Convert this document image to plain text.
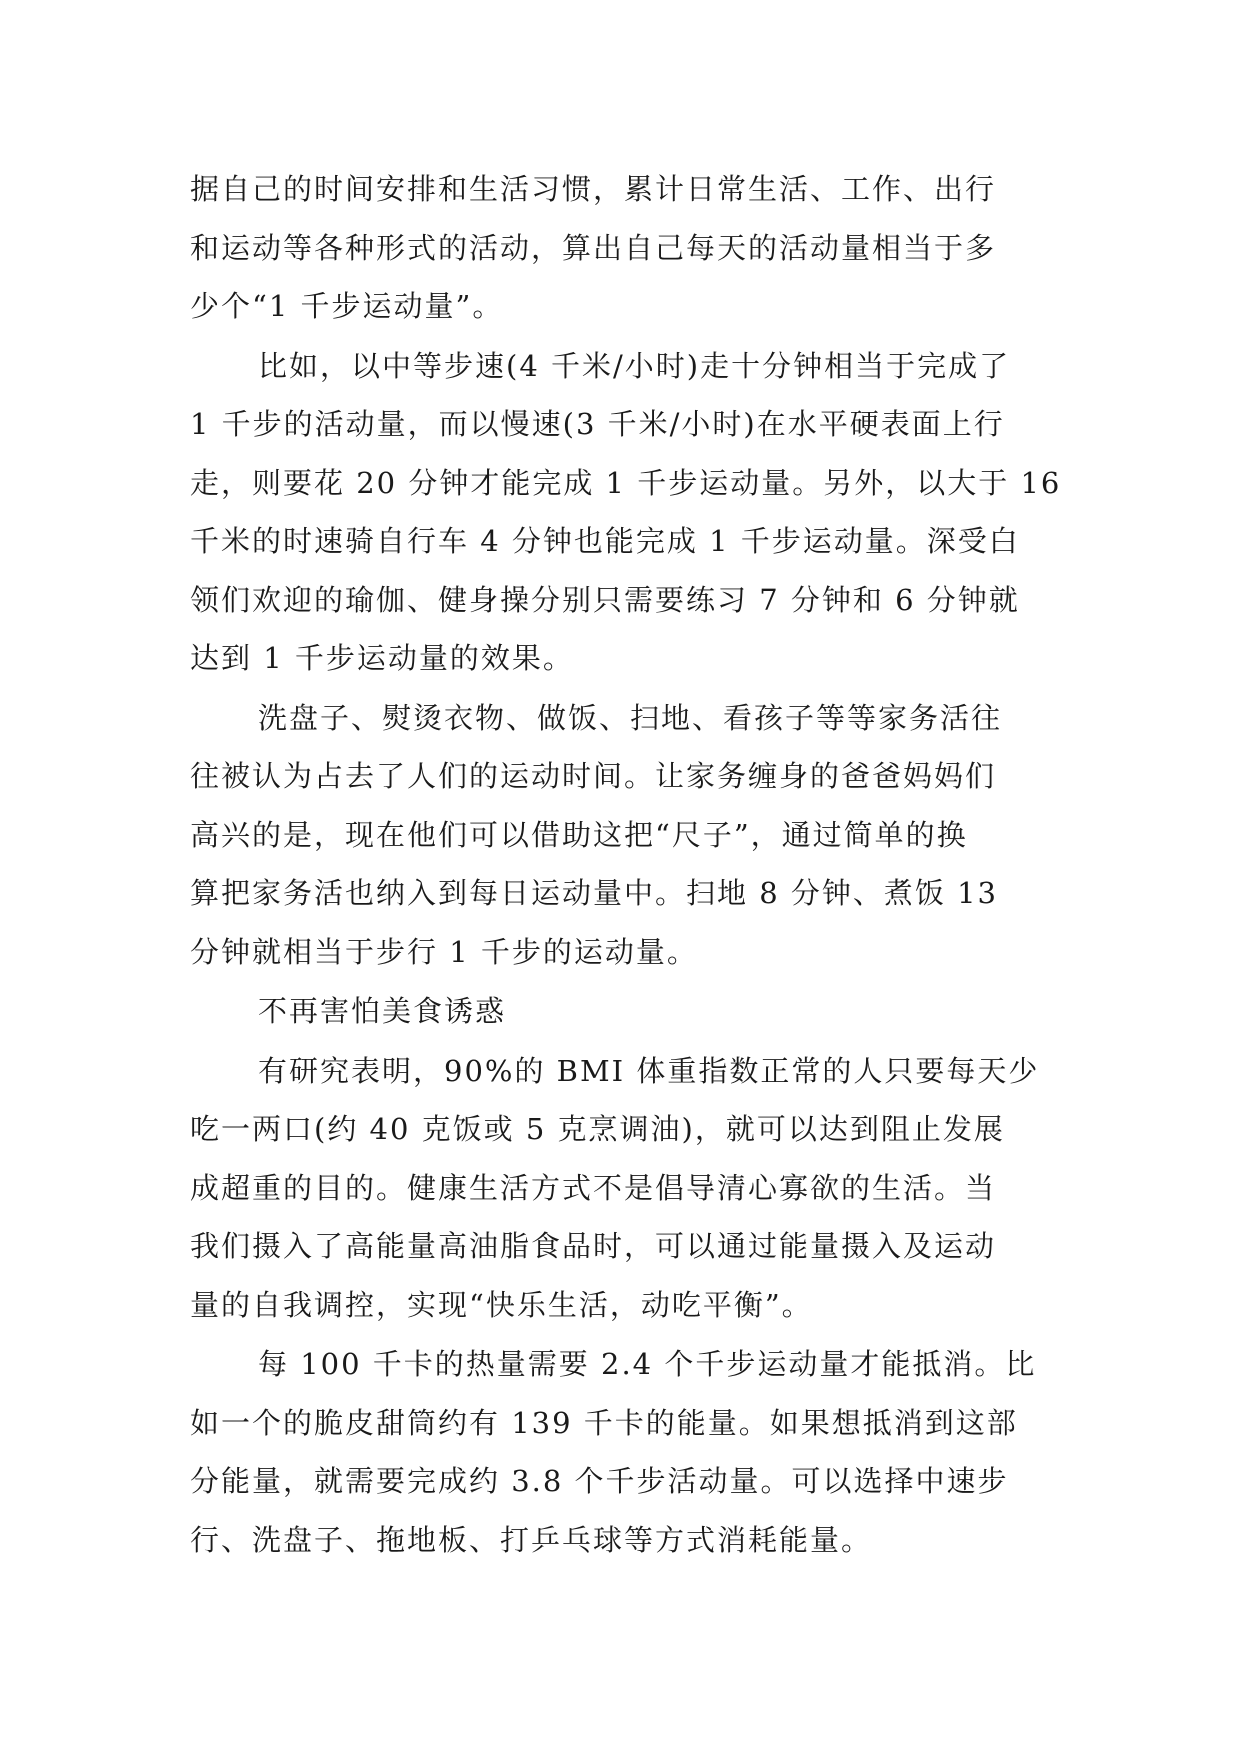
据自己的时间安排和生活习惯，累计日常生活、工作、出行
和运动等各种形式的活动，算出自己每天的活动量相当于多
少个“1 千步运动量”。
比如，以中等步速(4 千米/小时)走十分钟相当于完成了
1 千步的活动量，而以慢速(3 千米/小时)在水平硬表面上行
走，则要花 20 分钟才能完成 1 千步运动量。另外，以大于 16
千米的时速骑自行车 4 分钟也能完成 1 千步运动量。深受白
领们欢迎的瑜伽、健身操分别只需要练习 7 分钟和 6 分钟就
达到 1 千步运动量的效果。
洗盘子、熨烫衣物、做饭、扫地、看孩子等等家务活往
往被认为占去了人们的运动时间。让家务缠身的爸爸妈妈们
高兴的是，现在他们可以借助这把“尺子”，通过简单的换
算把家务活也纳入到每日运动量中。扫地 8 分钟、煮饭 13
分钟就相当于步行 1 千步的运动量。
不再害怕美食诱惑
有研究表明，90%的 BMI 体重指数正常的人只要每天少
吃一两口(约 40 克饭或 5 克烹调油)，就可以达到阻止发展
成超重的目的。健康生活方式不是倡导清心寡欲的生活。当
我们摄入了高能量高油脂食品时，可以通过能量摄入及运动
量的自我调控，实现“快乐生活，动吃平衡”。
每 100 千卡的热量需要 2.4 个千步运动量才能抵消。比
如一个的脆皮甜筒约有 139 千卡的能量。如果想抵消到这部
分能量，就需要完成约 3.8 个千步活动量。可以选择中速步
行、洗盘子、拖地板、打乒乓球等方式消耗能量。
